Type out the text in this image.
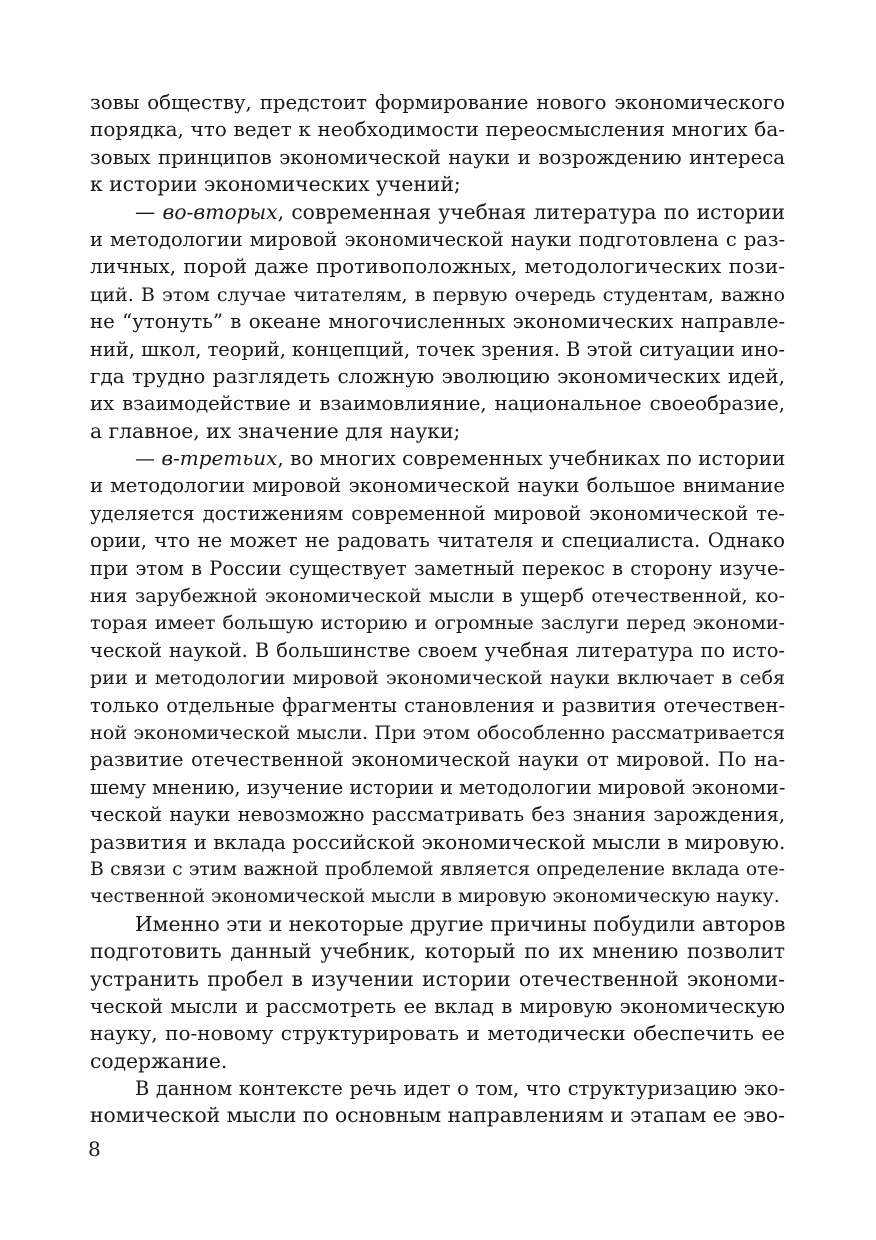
зовы обществу, предстоит формирование нового экономического
порядка, что ведет к необходимости переосмысления многих ба-
зовых принципов экономической науки и возрождению интереса
к истории экономических учений;
— во-вторых, современная учебная литература по истории
и методологии мировой экономической науки подготовлена с раз-
личных, порой даже противоположных, методологических пози-
ций. В этом случае читателям, в первую очередь студентам, важно
не “утонуть” в океане многочисленных экономических направле-
ний, школ, теорий, концепций, точек зрения. В этой ситуации ино-
гда трудно разглядеть сложную эволюцию экономических идей,
их взаимодействие и взаимовлияние, национальное своеобразие,
а главное, их значение для науки;
— в-третьих, во многих современных учебниках по истории
и методологии мировой экономической науки большое внимание
уделяется достижениям современной мировой экономической те-
ории, что не может не радовать читателя и специалиста. Однако
при этом в России существует заметный перекос в сторону изуче-
ния зарубежной экономической мысли в ущерб отечественной, ко-
торая имеет большую историю и огромные заслуги перед экономи-
ческой наукой. В большинстве своем учебная литература по исто-
рии и методологии мировой экономической науки включает в себя
только отдельные фрагменты становления и развития отечествен-
ной экономической мысли. При этом обособленно рассматривается
развитие отечественной экономической науки от мировой. По на-
шему мнению, изучение истории и методологии мировой экономи-
ческой науки невозможно рассматривать без знания зарождения,
развития и вклада российской экономической мысли в мировую.
В связи с этим важной проблемой является определение вклада оте-
чественной экономической мысли в мировую экономическую науку.
Именно эти и некоторые другие причины побудили авторов
подготовить данный учебник, который по их мнению позволит
устранить пробел в изучении истории отечественной экономи-
ческой мысли и рассмотреть ее вклад в мировую экономическую
науку, по-новому структурировать и методически обеспечить ее
содержание.
В данном контексте речь идет о том, что структуризацию эко-
номической мысли по основным направлениям и этапам ее эво-
8
